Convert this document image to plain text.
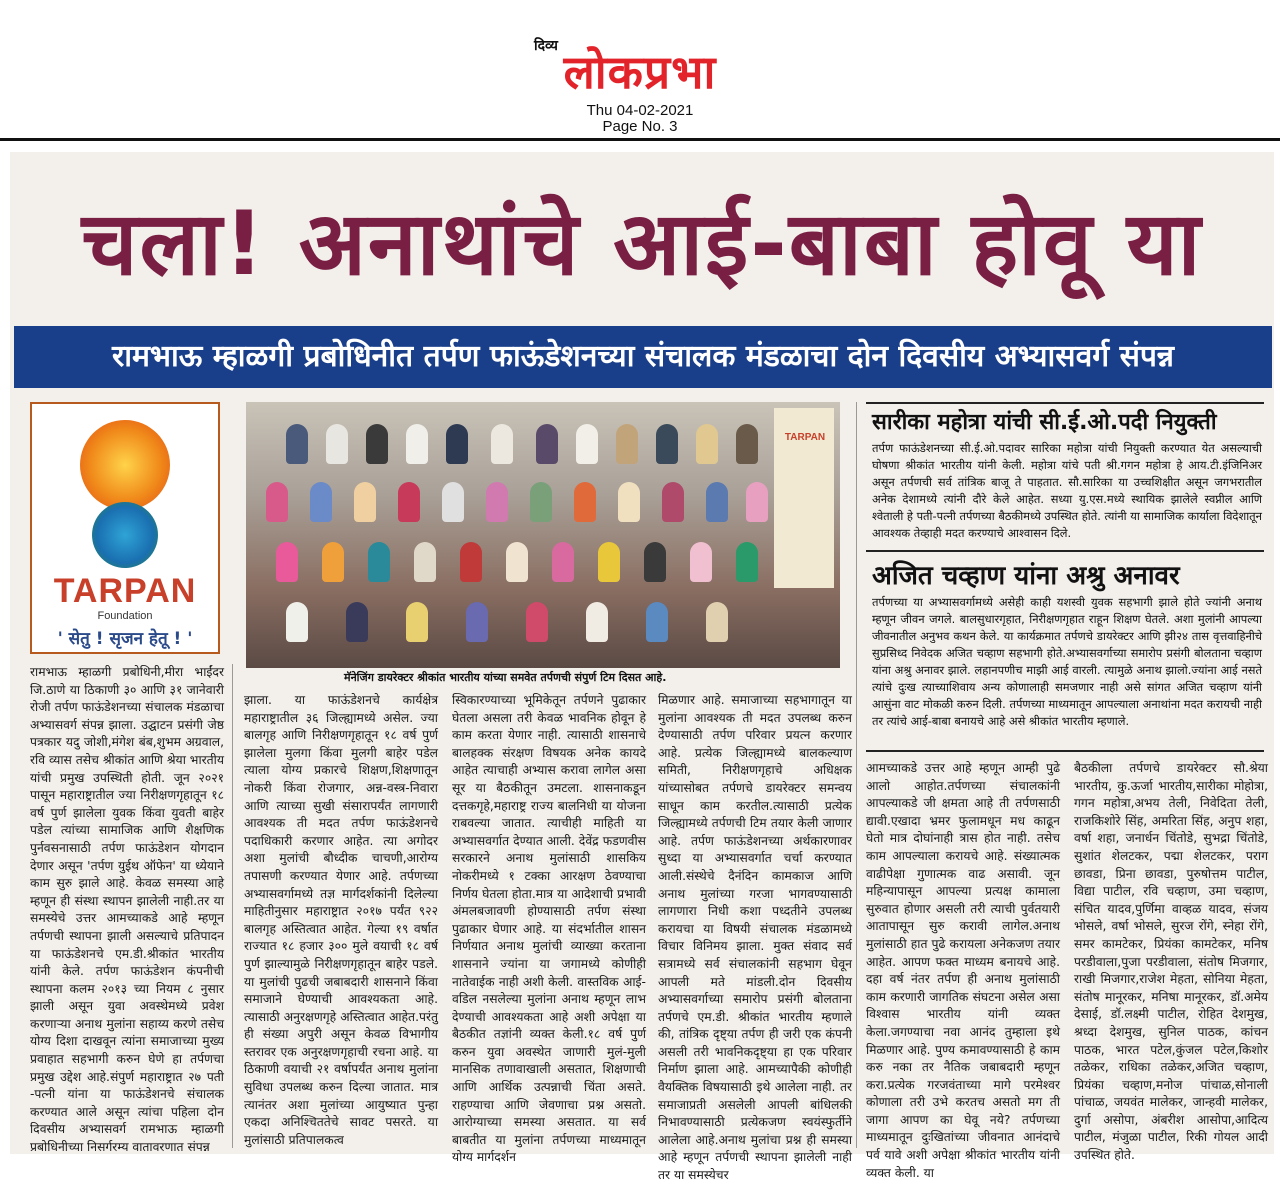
दिव्य लोकप्रभा
Thu 04-02-2021
Page No. 3
चला! अनाथांचे आई-बाबा होवू या
रामभाऊ म्हाळगी प्रबोधिनीत तर्पण फाऊंडेशनच्या संचालक मंडळाचा दोन दिवसीय अभ्यासवर्ग संपन्न
TARPAN
Foundation
' सेतु ! सृजन हेतू ! '
TARPAN
मॅनेजिंग डायरेक्टर श्रीकांत भारतीय यांच्या समवेत तर्पणची संपुर्ण टिम दिसत आहे.

रामभाऊ म्हाळगी प्रबोधिनी,मीरा भाईंदर जि.ठाणे या ठिकाणी ३० आणि ३१ जानेवारी रोजी तर्पण फाऊंडेशनच्या संचालक मंडळाचा अभ्यासवर्ग संपन्न झाला. उद्घाटन प्रसंगी जेष्ठ पत्रकार यदु जोशी,मंगेश बंब,शुभम अग्रवाल, रवि व्यास तसेच श्रीकांत आणि श्रेया भारतीय यांची प्रमुख उपस्थिती होती. जून २०२१ पासून महाराष्ट्रातील ज्या निरीक्षणगृहातून १८ वर्ष पुर्ण झालेला युवक किंवा युवती बाहेर पडेल त्यांच्या सामाजिक आणि शैक्षणिक पुर्नवसनासाठी तर्पण फाऊंडेशन योगदान देणार असून 'तर्पण युईथ ऑफेन' या ध्येयाने काम सुरु झाले आहे. केवळ समस्या आहे म्हणून ही संस्था स्थापन झालेली नाही.तर या समस्येचे उत्तर आमच्याकडे आहे म्हणून तर्पणची स्थापना झाली असल्याचे प्रतिपादन या फाऊंडेशनचे एम.डी.श्रीकांत भारतीय यांनी केले. तर्पण फाऊंडेशन कंपनीची स्थापना कलम २०१३ च्या नियम ८ नुसार झाली असून युवा अवस्थेमध्ये प्रवेश करणाऱ्या अनाथ मुलांना सहाय्य करणे तसेच योग्य दिशा दाखवून त्यांना समाजाच्या मुख्य प्रवाहात सहभागी करुन घेणे हा तर्पणचा प्रमुख उद्देश आहे.संपुर्ण महाराष्ट्रात २७ पती -पत्नी यांना या फाऊंडेशनचे संचालक करण्यात आले असून त्यांचा पहिला दोन दिवसीय अभ्यासवर्ग रामभाऊ म्हाळगी प्रबोधिनीच्या निसर्गरम्य वातावरणात संपन्न

झाला. या फाऊंडेशनचे कार्यक्षेत्र महाराष्ट्रातील ३६ जिल्ह्यामध्ये असेल. ज्या बालगृह आणि निरीक्षणगृहातून १८ वर्ष पुर्ण झालेला मुलगा किंवा मुलगी बाहेर पडेल त्याला योग्य प्रकारचे शिक्षण,शिक्षणातून नोकरी किंवा रोजगार, अन्न-वस्त्र-निवारा आणि त्याच्या सुखी संसारापर्यंत लागणारी आवश्यक ती मदत तर्पण फाऊंडेशनचे पदाधिकारी करणार आहेत. त्या अगोदर अशा मुलांची बौध्दीक चाचणी,आरोग्य तपासणी करण्यात येणार आहे. तर्पणच्या अभ्यासवर्गामध्ये तज्ञ मार्गदर्शकांनी दिलेल्या माहितीनुसार महाराष्ट्रात २०१७ पर्यंत ९२२ बालगृह अस्तित्वात आहेत. गेल्या १९ वर्षात राज्यात १८ हजार ३०० मुले वयाची १८ वर्ष पुर्ण झाल्यामुळे निरीक्षणगृहातून बाहेर पडले. या मुलांची पुढची जबाबदारी शासनाने किंवा समाजाने घेण्याची आवश्यकता आहे. त्यासाठी अनुरक्षणगृहे अस्तित्वात आहेत.परंतु ही संख्या अपुरी असून केवळ विभागीय स्तरावर एक अनुरक्षणगृहाची रचना आहे. या ठिकाणी वयाची २१ वर्षापर्यंत अनाथ मुलांना सुविधा उपलब्ध करुन दिल्या जातात. मात्र त्यानंतर अशा मुलांच्या आयुष्यात पुन्हा एकदा अनिश्चिततेचे सावट पसरते. या मुलांसाठी प्रतिपालकत्व

स्विकारण्याच्या भूमिकेतून तर्पणने पुढाकार घेतला असला तरी केवळ भावनिक होवून हे काम करता येणार नाही. त्यासाठी शासनाचे बालहक्क संरक्षण विषयक अनेक कायदे आहेत त्याचाही अभ्यास करावा लागेल असा सूर या बैठकीतून उमटला. शासनाकडून दत्तकगृहे,महाराष्ट्र राज्य बालनिधी या योजना राबवल्या जातात. त्याचीही माहिती या अभ्यासवर्गात देण्यात आली. देवेंद्र फडणवीस सरकारने अनाथ मुलांसाठी शासकिय नोकरीमध्ये १ टक्का आरक्षण ठेवण्याचा निर्णय घेतला होता.मात्र या आदेशाची प्रभावी अंमलबजावणी होण्यासाठी तर्पण संस्था पुढाकार घेणार आहे. या संदर्भातील शासन निर्णयात अनाथ मुलांची व्याख्या करताना शासनाने ज्यांना या जगामध्ये कोणीही नातेवाईक नाही अशी केली. वास्तविक आई-वडिल नसलेल्या मुलांना अनाथ म्हणून लाभ देण्याची आवश्यकता आहे अशी अपेक्षा या बैठकीत तज्ञांनी व्यक्त केली.१८ वर्ष पुर्ण करुन युवा अवस्थेत जाणारी मुलं-मुली मानसिक तणावाखाली असतात, शिक्षणाची आणि आर्थिक उत्पन्नाची चिंता असते. राहण्याचा आणि जेवणाचा प्रश्न असतो. आरोग्याच्या समस्या असतात. या सर्व बाबतीत या मुलांना तर्पणच्या माध्यमातून योग्य मार्गदर्शन

मिळणार आहे. समाजाच्या सहभागातून या मुलांना आवश्यक ती मदत उपलब्ध करुन देण्यासाठी तर्पण परिवार प्रयत्न करणार आहे. प्रत्येक जिल्ह्यामध्ये बालकल्याण समिती, निरीक्षणगृहाचे अधिक्षक यांच्यासोबत तर्पणचे डायरेक्टर समन्वय साधून काम करतील.त्यासाठी प्रत्येक जिल्ह्यामध्ये तर्पणची टिम तयार केली जाणार आहे. तर्पण फाऊंडेशनच्या अर्थकारणावर सुध्दा या अभ्यासवर्गात चर्चा करण्यात आली.संस्थेचे दैनंदिन कामकाज आणि अनाथ मुलांच्या गरजा भागवण्यासाठी लागणारा निधी कशा पध्दतीने उपलब्ध करायचा या विषयी संचालक मंडळामध्ये विचार विनिमय झाला. मुक्त संवाद सर्व सत्रामध्ये सर्व संचालकांनी सहभाग घेवून आपली मते मांडली.दोन दिवसीय अभ्यासवर्गाच्या समारोप प्रसंगी बोलताना तर्पणचे एम.डी. श्रीकांत भारतीय म्हणाले की, तांत्रिक दृष्ट्या तर्पण ही जरी एक कंपनी असली तरी भावनिकदृष्ट्या हा एक परिवार निर्माण झाला आहे. आमच्यापैकी कोणीही वैयक्तिक विषयासाठी इथे आलेला नाही. तर समाजाप्रती असलेली आपली बांधिलकी निभावण्यासाठी प्रत्येकजण स्वयंस्फुर्तीने आलेला आहे.अनाथ मुलांचा प्रश्न ही समस्या आहे म्हणून तर्पणची स्थापना झालेली नाही तर या समस्येचर

आमच्याकडे उत्तर आहे म्हणून आम्ही पुढे आलो आहोत.तर्पणच्या संचालकांनी आपल्याकडे जी क्षमता आहे ती तर्पणसाठी द्यावी.एखादा भ्रमर फुलामधून मध काढून घेतो मात्र दोघांनाही त्रास होत नाही. तसेच काम आपल्याला करायचे आहे. संख्यात्मक वाढीपेक्षा गुणात्मक वाढ असावी. जून महिन्यापासून आपल्या प्रत्यक्ष कामाला सुरुवात होणार असली तरी त्याची पुर्वतयारी आतापासून सुरु करावी लागेल.अनाथ मुलांसाठी हात पुढे करायला अनेकजण तयार आहेत. आपण फक्त माध्यम बनायचे आहे. दहा वर्ष नंतर तर्पण ही अनाथ मुलांसाठी काम करणारी जागतिक संघटना असेल असा विश्वास भारतीय यांनी व्यक्त केला.जगण्याचा नवा आनंद तुम्हाला इथे मिळणार आहे. पुण्य कमावण्यासाठी हे काम करु नका तर नैतिक जबाबदारी म्हणून करा.प्रत्येक गरजवंताच्या मागे परमेश्वर कोणाला तरी उभे करतच असतो मग ती जागा आपण का घेवू नये? तर्पणच्या माध्यमातून दुःखितांच्या जीवनात आनंदाचे पर्व यावे अशी अपेक्षा श्रीकांत भारतीय यांनी व्यक्त केली. या

बैठकीला तर्पणचे डायरेक्टर सौ.श्रेया भारतीय, कु.ऊर्जा भारतीय,सारीका मोहोत्रा, गगन महोत्रा,अभय तेली, निवेदिता तेली, राजकिशोरे सिंह, अमरिता सिंह, अनुप शहा, वर्षा शहा, जनार्धन चिंतोडे, सुभद्रा चिंतोडे, सुशांत शेलटकर, पद्मा शेलटकर, पराग छावडा, प्रिना छावडा, पुरुषोत्तम पाटील, विद्या पाटील, रवि चव्हाण, उमा चव्हाण, संचित यादव,पुर्णिमा वाव्हळ यादव, संजय भोसले, वर्षा भोसले, सुरज रोंगे, स्नेहा रोंगे, समर कामटेकर, प्रियंका कामटेकर, मनिष परडीवाला,पुजा परडीवाला, संतोष मिजगार, राखी मिजगार,राजेश मेहता, सोनिया मेहता, संतोष मानूरकर, मनिषा मानूरकर, डॉ.अमेय देसाई, डॉ.लक्ष्मी पाटील, रोहित देशमुख, श्रध्दा देशमुख, सुनिल पाठक, कांचन पाठक, भारत पटेल,कुंजल पटेल,किशोर तळेकर, राधिका तळेकर,अजित चव्हाण, प्रियंका चव्हाण,मनोज पांचाळ,सोनाली पांचाळ, जयवंत मालेकर, जान्हवी मालेकर, दुर्गा असोपा, अंबरीश आसोपा,आदित्य पाटील, मंजुळा पाटील, रिकी गोयल आदी उपस्थित होते.

सारीका महोत्रा यांची सी.ई.ओ.पदी नियुक्ती

तर्पण फाऊंडेशनच्या सी.ई.ओ.पदावर सारिका महोत्रा यांची नियुक्ती करण्यात येत असल्याची घोषणा श्रीकांत भारतीय यांनी केली. महोत्रा यांचे पती श्री.गगन महोत्रा हे आय.टी.इंजिनिअर असून तर्पणची सर्व तांत्रिक बाजू ते पाहतात. सौ.सारिका या उच्चशिक्षीत असून जगभरातील अनेक देशामध्ये त्यांनी दौरे केले आहेत. सध्या यु.एस.मध्ये स्थायिक झालेले स्वप्नील आणि श्वेताली हे पती-पत्नी तर्पणच्या बैठकीमध्ये उपस्थित होते. त्यांनी या सामाजिक कार्याला विदेशातून आवश्यक तेव्हाही मदत करण्याचे आश्वासन दिले.

अजित चव्हाण यांना अश्रु अनावर

तर्पणच्या या अभ्यासवर्गामध्ये असेही काही यशस्वी युवक सहभागी झाले होते ज्यांनी अनाथ म्हणून जीवन जगले. बालसुधारगृहात, निरीक्षणगृहात राहून शिक्षण घेतले. अशा मुलांनी आपल्या जीवनातील अनुभव कथन केले. या कार्यक्रमात तर्पणचे डायरेक्टर आणि झी२४ तास वृत्तवाहिनीचे सुप्रसिध्द निवेदक अजित चव्हाण सहभागी होते.अभ्यासवर्गाच्या समारोप प्रसंगी बोलताना चव्हाण यांना अश्रु अनावर झाले. लहानपणीच माझी आई वारली. त्यामुळे अनाथ झालो.ज्यांना आई नसते त्यांचे दुःख त्याच्याशिवाय अन्य कोणालाही समजणार नाही असे सांगत अजित चव्हाण यांनी आसुंना वाट मोकळी करुन दिली. तर्पणच्या माध्यमातून आपल्याला अनाथांना मदत करायची नाही तर त्यांचे आई-बाबा बनायचे आहे असे श्रीकांत भारतीय म्हणाले.
